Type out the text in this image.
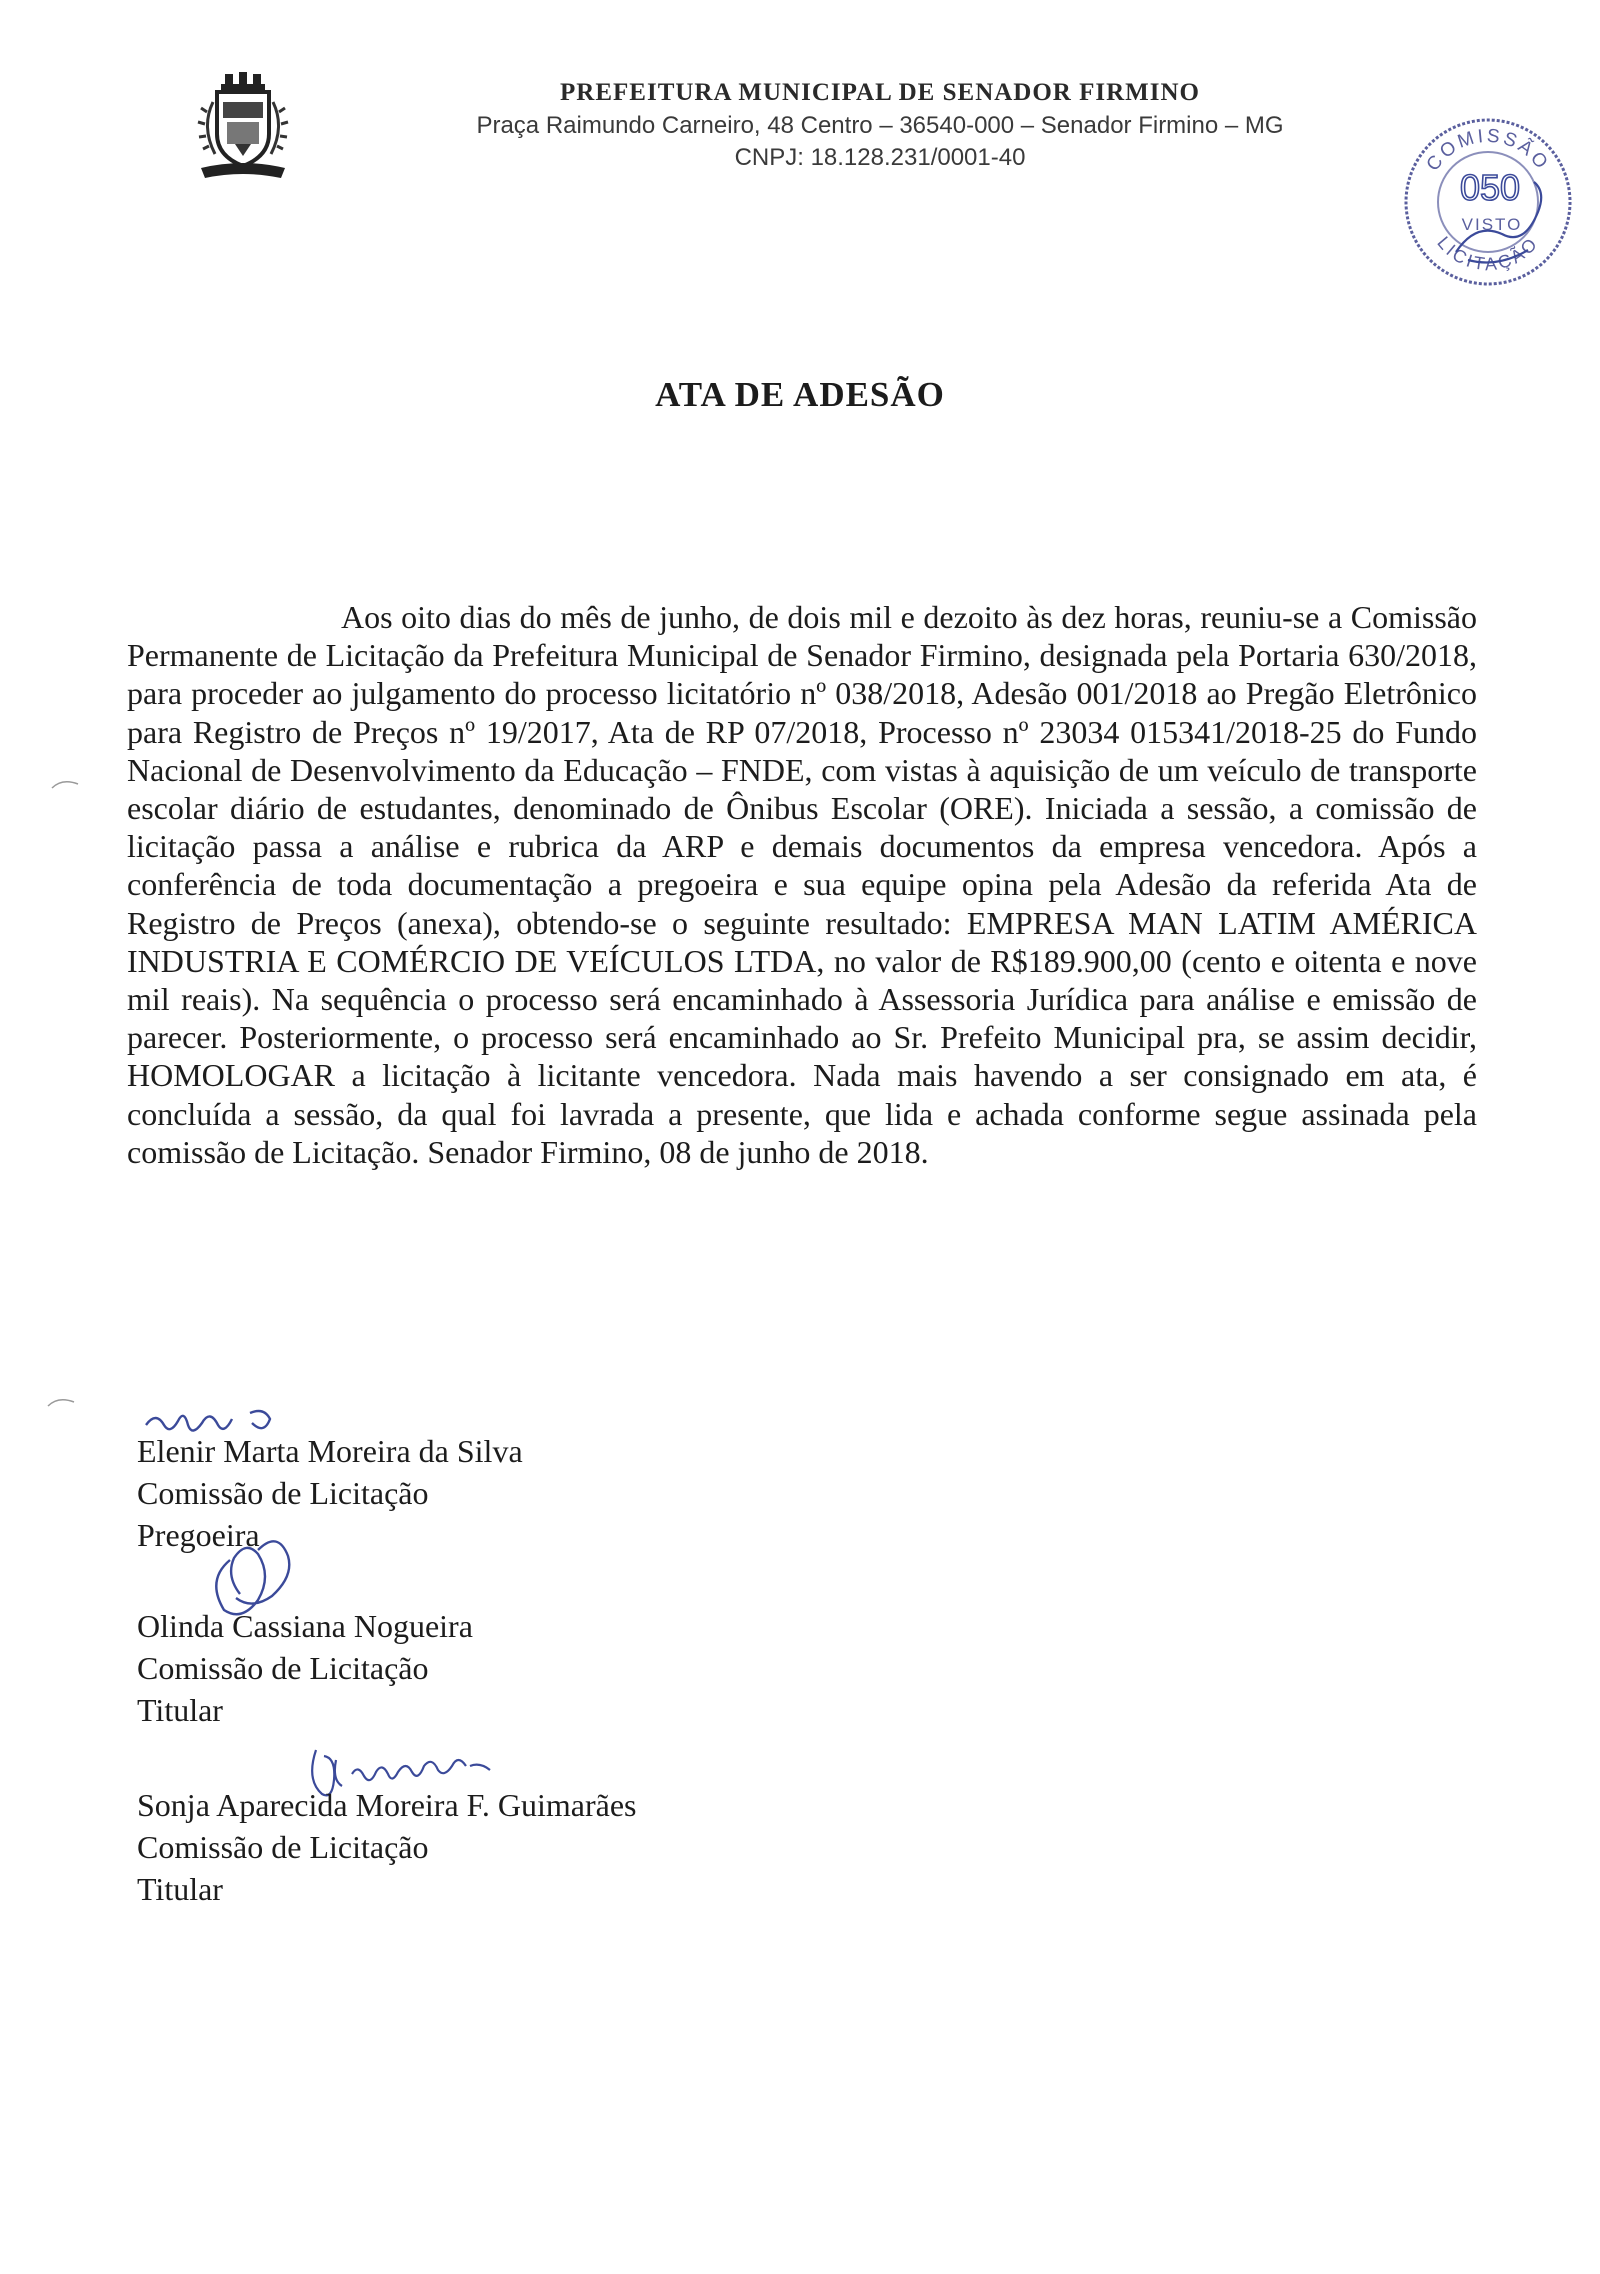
PREFEITURA MUNICIPAL DE SENADOR FIRMINO

Praça Raimundo Carneiro, 48 Centro – 36540-000 – Senador Firmino – MG

CNPJ: 18.128.231/0001-40	COMISSÃO
LICITAÇÃO
050
VISTO
ATA DE ADESÃO

Aos oito dias do mês de junho, de dois mil e dezoito às dez horas, reuniu-se a Comissão Permanente de Licitação da Prefeitura Municipal de Senador Firmino, designada pela Portaria 630/2018, para proceder ao julgamento do processo licitatório nº 038/2018, Adesão 001/2018 ao Pregão Eletrônico para Registro de Preços nº 19/2017, Ata de RP 07/2018, Processo nº 23034 015341/2018-25 do Fundo Nacional de Desenvolvimento da Educação – FNDE, com vistas à aquisição de um veículo de transporte escolar diário de estudantes, denominado de Ônibus Escolar (ORE). Iniciada a sessão, a comissão de licitação passa a análise e rubrica da ARP e demais documentos da empresa vencedora. Após a conferência de toda documentação a pregoeira e sua equipe opina pela Adesão da referida Ata de Registro de Preços (anexa), obtendo-se o seguinte resultado: EMPRESA MAN LATIM AMÉRICA INDUSTRIA E COMÉRCIO DE VEÍCULOS LTDA, no valor de R$189.900,00 (cento e oitenta e nove mil reais). Na sequência o processo será encaminhado à Assessoria Jurídica para análise e emissão de parecer. Posteriormente, o processo será encaminhado ao Sr. Prefeito Municipal pra, se assim decidir, HOMOLOGAR a licitação à licitante vencedora. Nada mais havendo a ser consignado em ata, é concluída a sessão, da qual foi lavrada a presente, que lida e achada conforme segue assinada pela comissão de Licitação. Senador Firmino, 08 de junho de 2018.

Elenir Marta Moreira da Silva
Comissão de Licitação
Pregoeira
Olinda Cassiana Nogueira
Comissão de Licitação
Titular
Sonja Aparecida Moreira F. Guimarães
Comissão de Licitação
Titular
